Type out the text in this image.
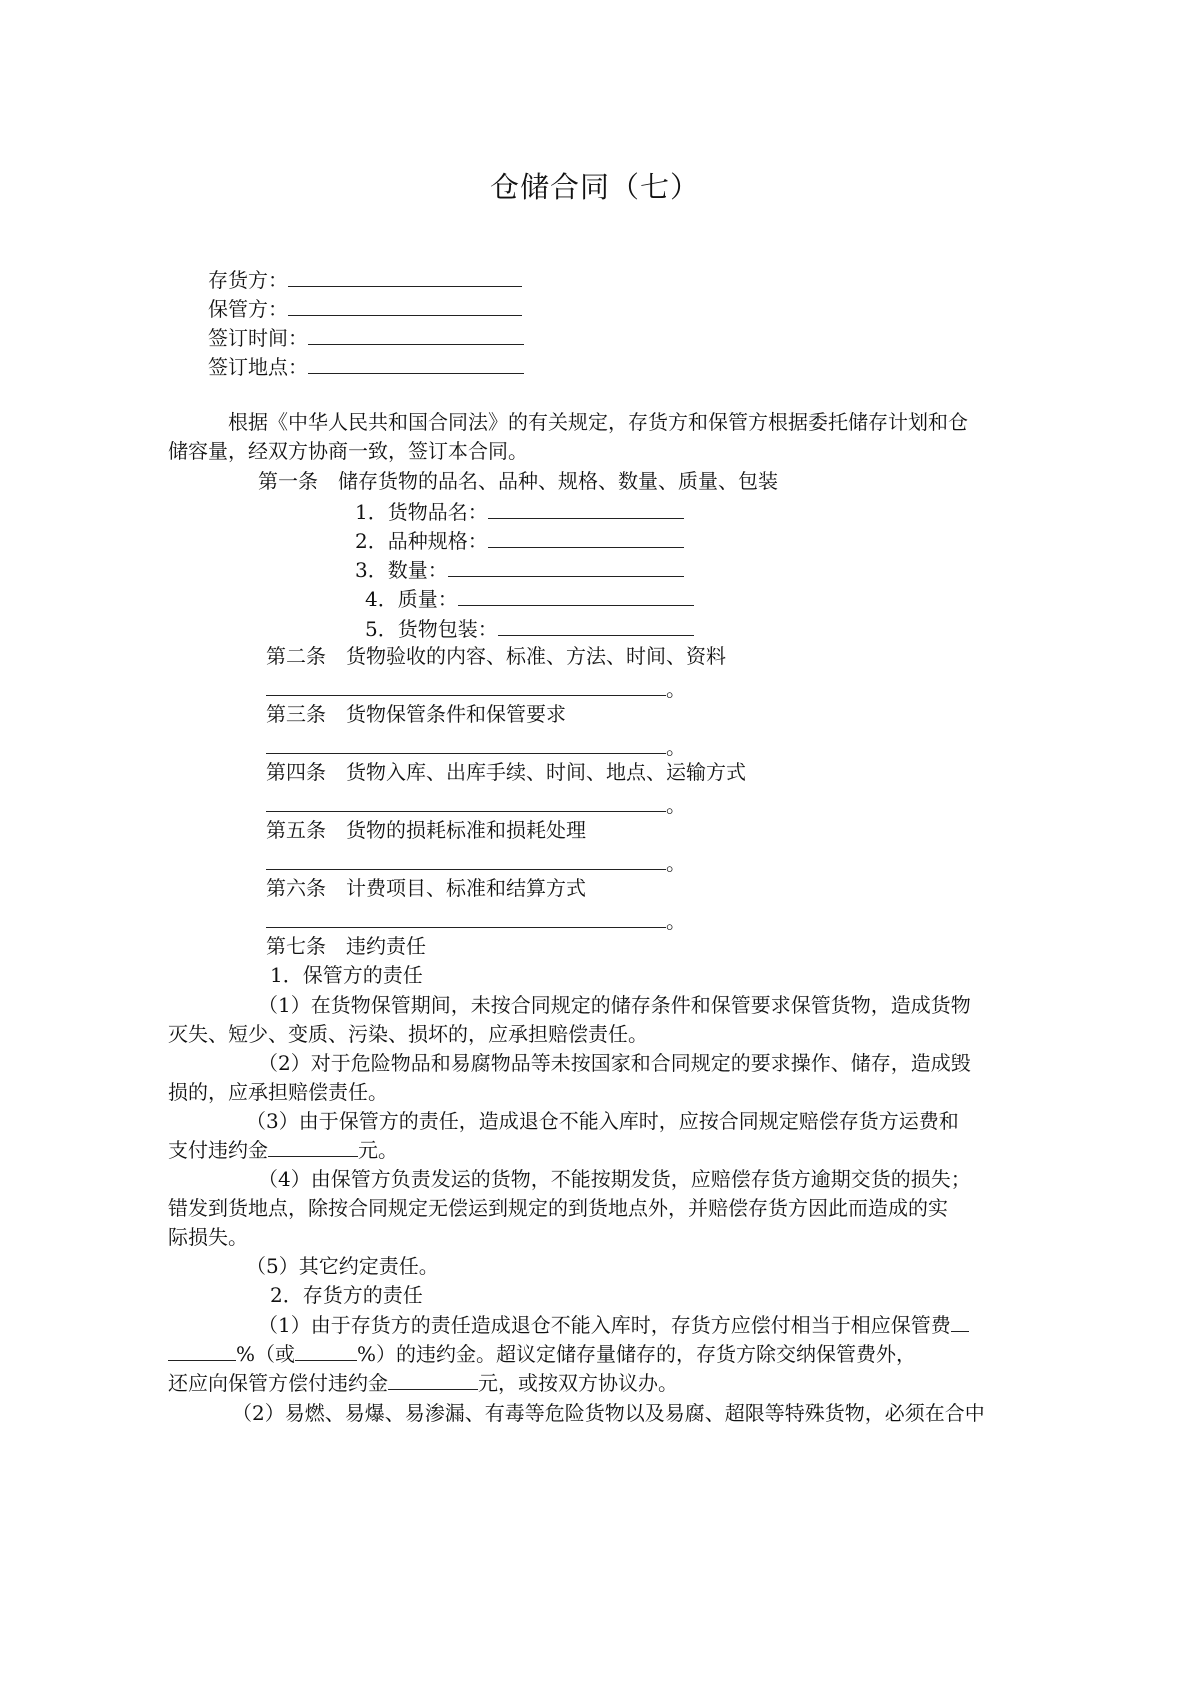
仓储合同（七）
存货方：
保管方：
签订时间：
签订地点：
根据《中华人民共和国合同法》的有关规定，存货方和保管方根据委托储存计划和仓
储容量，经双方协商一致，签订本合同。
第一条 储存货物的品名、品种、规格、数量、质量、包装
1．货物品名：
2．品种规格：
3．数量：
4．质量：
5．货物包装：
第二条 货物验收的内容、标准、方法、时间、资料
。
第三条 货物保管条件和保管要求
。
第四条 货物入库、出库手续、时间、地点、运输方式
。
第五条 货物的损耗标准和损耗处理
。
第六条 计费项目、标准和结算方式
。
第七条 违约责任
1．保管方的责任
（1）在货物保管期间，未按合同规定的储存条件和保管要求保管货物，造成货物
灭失、短少、变质、污染、损坏的，应承担赔偿责任。
（2）对于危险物品和易腐物品等未按国家和合同规定的要求操作、储存，造成毁
损的，应承担赔偿责任。
（3）由于保管方的责任，造成退仓不能入库时，应按合同规定赔偿存货方运费和
支付违约金	元。
（4）由保管方负责发运的货物，不能按期发货，应赔偿存货方逾期交货的损失；
错发到货地点，除按合同规定无偿运到规定的到货地点外，并赔偿存货方因此而造成的实
际损失。
（5）其它约定责任。
2．存货方的责任
（1）由于存货方的责任造成退仓不能入库时，存货方应偿付相当于相应保管费
%（或	%）的违约金。超议定储存量储存的，存货方除交纳保管费外，
还应向保管方偿付违约金	元，或按双方协议办。
（2）易燃、易爆、易渗漏、有毒等危险货物以及易腐、超限等特殊货物，必须在合中
